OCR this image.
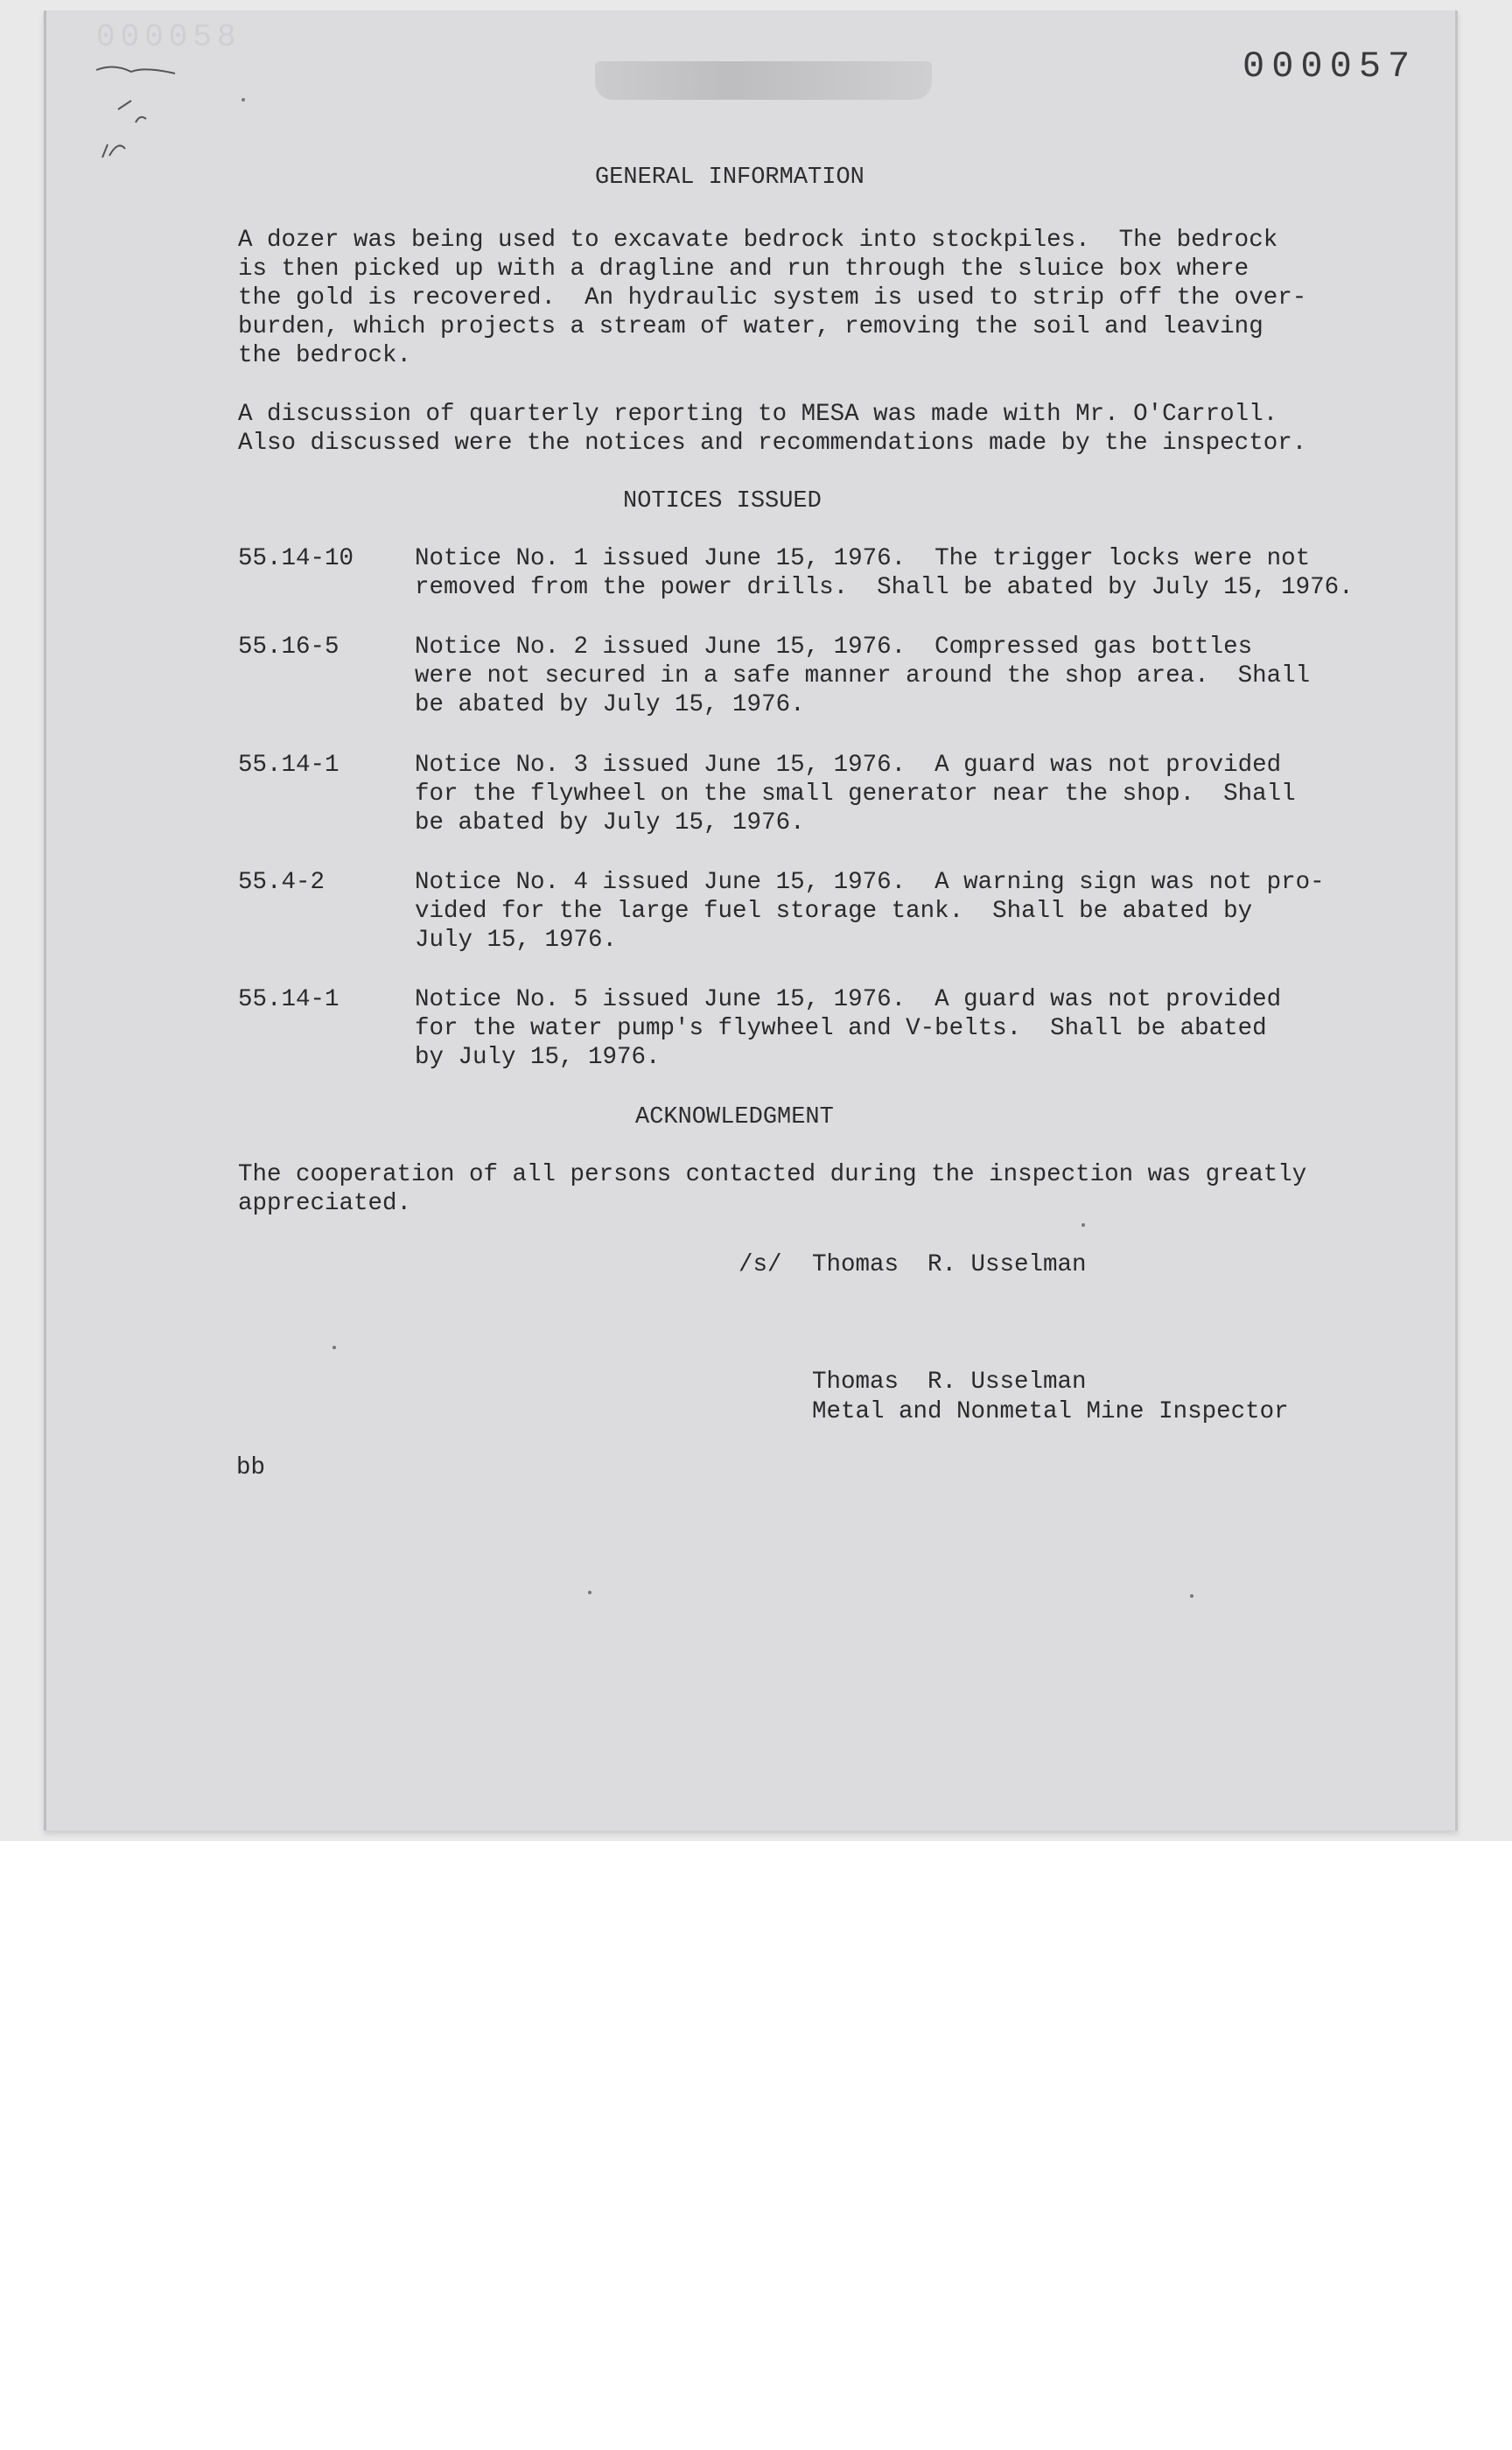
000058
000057
GENERAL INFORMATION
A dozer was being used to excavate bedrock into stockpiles.  The bedrock
is then picked up with a dragline and run through the sluice box where
the gold is recovered.  An hydraulic system is used to strip off the over-
burden, which projects a stream of water, removing the soil and leaving
the bedrock.
A discussion of quarterly reporting to MESA was made with Mr. O'Carroll.
Also discussed were the notices and recommendations made by the inspector.
NOTICES ISSUED
55.14-10	Notice No. 1 issued June 15, 1976.  The trigger locks were not
removed from the power drills.  Shall be abated by July 15, 1976.
55.16-5	Notice No. 2 issued June 15, 1976.  Compressed gas bottles
were not secured in a safe manner around the shop area.  Shall
be abated by July 15, 1976.
55.14-1	Notice No. 3 issued June 15, 1976.  A guard was not provided
for the flywheel on the small generator near the shop.  Shall
be abated by July 15, 1976.
55.4-2	Notice No. 4 issued June 15, 1976.  A warning sign was not pro-
vided for the large fuel storage tank.  Shall be abated by
July 15, 1976.
55.14-1	Notice No. 5 issued June 15, 1976.  A guard was not provided
for the water pump's flywheel and V-belts.  Shall be abated
by July 15, 1976.
ACKNOWLEDGMENT
The cooperation of all persons contacted during the inspection was greatly
appreciated.
/s/ Thomas  R. Usselman
Thomas  R. Usselman
Metal and Nonmetal Mine Inspector
bb
